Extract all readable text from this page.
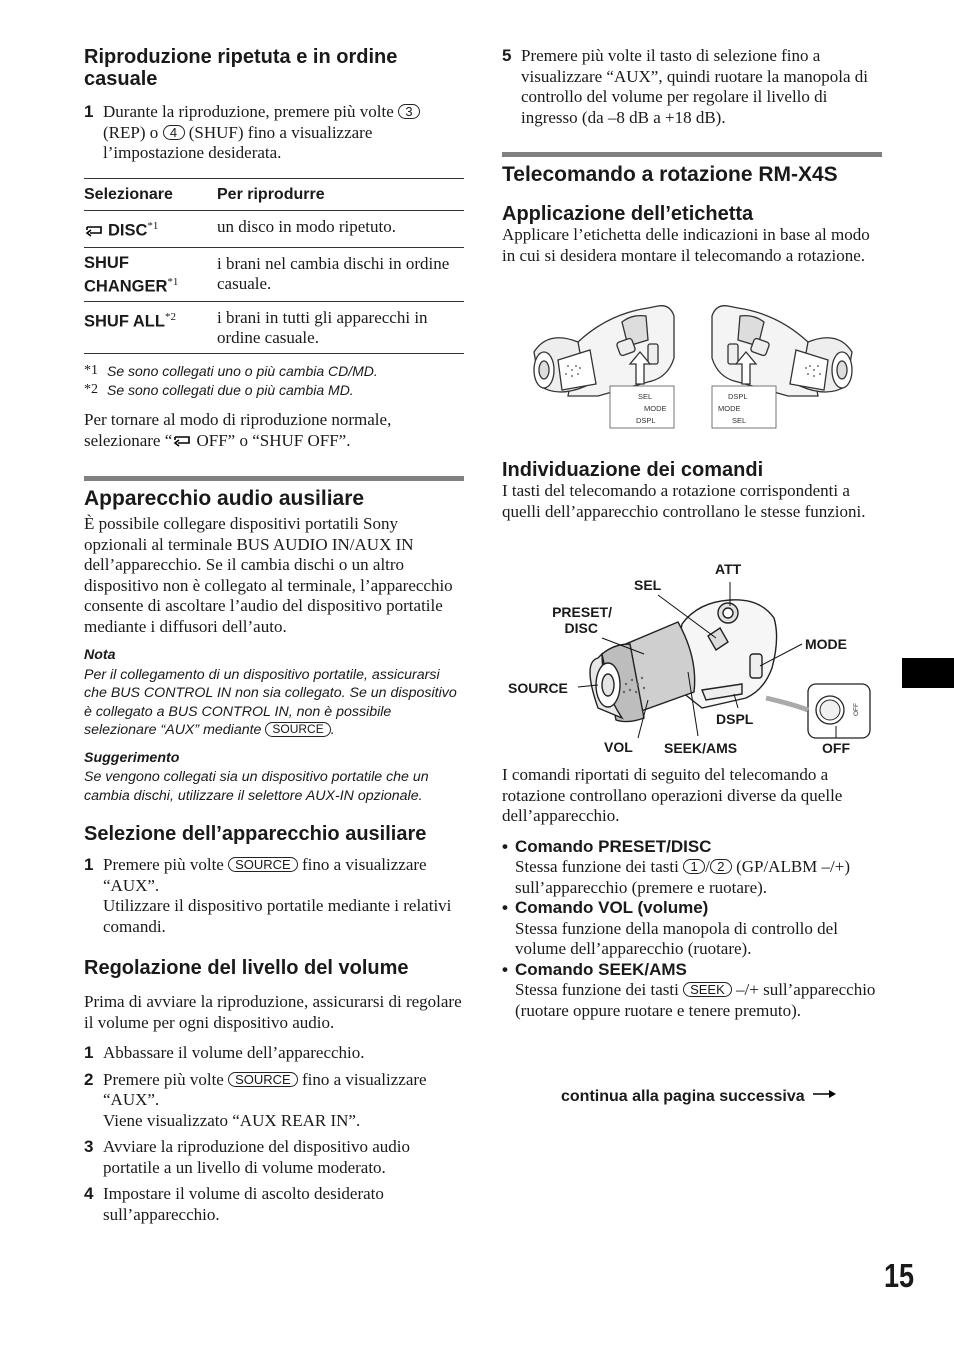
Riproduzione ripetuta e in ordine casuale
1 Durante la riproduzione, premere più volte 3 (REP) o 4 (SHUF) fino a visualizzare l’impostazione desiderata.
Selezionare	Per riprodurre
DISC$^{*1}$	un disco in modo ripetuto.
SHUF CHANGER$^{*1}$	i brani nel cambia dischi in ordine casuale.
SHUF ALL$^{*2}$	i brani in tutti gli apparecchi in ordine casuale.
*1 Se sono collegati uno o più cambia CD/MD.
*2 Se sono collegati due o più cambia MD.

Per tornare al modo di riproduzione normale, selezionare “ OFF” o “SHUF OFF”.

Apparecchio audio ausiliare

È possibile collegare dispositivi portatili Sony opzionali al terminale BUS AUDIO IN/AUX IN dell’apparecchio. Se il cambia dischi o un altro dispositivo non è collegato al terminale, l’apparecchio consente di ascoltare l’audio del dispositivo portatile mediante i diffusori dell’auto.

Nota
Per il collegamento di un dispositivo portatile, assicurarsi che BUS CONTROL IN non sia collegato. Se un dispositivo è collegato a BUS CONTROL IN, non è possibile selezionare “AUX” mediante SOURCE .
Suggerimento
Se vengono collegati sia un dispositivo portatile che un cambia dischi, utilizzare il selettore AUX-IN opzionale.
Selezione dell’apparecchio ausiliare
1 Premere più volte SOURCE fino a visualizzare “AUX”.
Utilizzare il dispositivo portatile mediante i relativi comandi.
Regolazione del livello del volume

Prima di avviare la riproduzione, assicurarsi di regolare il volume per ogni dispositivo audio.

1 Abbassare il volume dell’apparecchio.
2 Premere più volte SOURCE fino a visualizzare “AUX”.
Viene visualizzato “AUX REAR IN”.
3 Avviare la riproduzione del dispositivo audio portatile a un livello di volume moderato.
4 Impostare il volume di ascolto desiderato sull’apparecchio.
5 Premere più volte il tasto di selezione fino a visualizzare “AUX”, quindi ruotare la manopola di controllo del volume per regolare il livello di ingresso (da –8 dB a +18 dB).
Telecomando a rotazione RM-X4S
Applicazione dell’etichetta

Applicare l’etichetta delle indicazioni in base al modo in cui si desidera montare il telecomando a rotazione.

SEL
MODE
DSPL
DSPL
MODE
SEL
Individuazione dei comandi

I tasti del telecomando a rotazione corrispondenti a quelli dell’apparecchio controllano le stesse funzioni.

OFF
ATT
SEL
PRESET/
DISC
MODE
SOURCE
DSPL
VOL SEEK/AMS	OFF

I comandi riportati di seguito del telecomando a rotazione controllano operazioni diverse da quelle dell’apparecchio.

• Comando PRESET/DISC
Stessa funzione dei tasti 1 / 2 (GP/ALBM –/+) sull’apparecchio (premere e ruotare).
• Comando VOL (volume)
Stessa funzione della manopola di controllo del volume dell’apparecchio (ruotare).
• Comando SEEK/AMS
Stessa funzione dei tasti SEEK –/+ sull’apparecchio (ruotare oppure ruotare e tenere premuto).
continua alla pagina successiva
15
